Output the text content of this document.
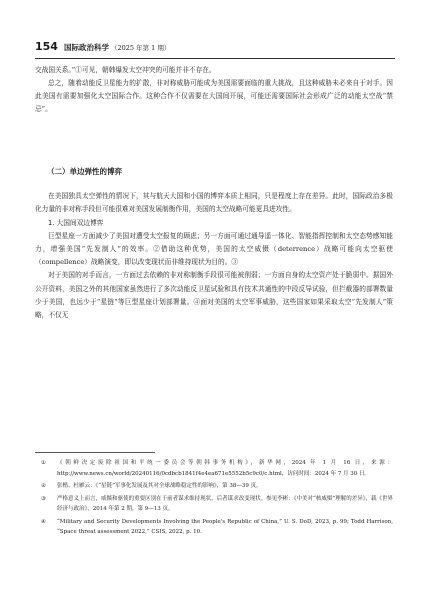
154 国际政治科学 （2025 年第 1 期）

交战国关系。”①可见，朝韩爆发太空冲突的可能并非不存在。

总之，随着动能反卫星能力的扩散，非对称威胁可能成为美国需要面临的重大挑战，且这种威胁未必来自于对手。因此美国有需要加强化太空国际合作。这种合作不仅需要在大国间开展，可能还需要国际社会形成广泛的动能太空战“禁忌”。

（二）单边弹性的博弈

在美国独具太空弹性的情况下，其与航天大国和小国的博弈本质上相同，只是程度上存在差异。此时，国际政治多极化力量的非对称手段但可能很难对美国发展制衡作用，美国的太空战略可能更具进攻性。

1. 大国间双边博弈

巨型星座一方面减少了美国对遭受太空报复的顾虑；另一方面可通过通导遥一体化、智能指挥控制和太空态势感知能力，增强美国“先发制人”的效率。②借助这种优势，美国的太空威慑（deterrence）战略可能向太空驱使（compellence）战略演变，即以改变现状而非维持现状为目的。③

对于美国的对手而言，一方面过去依赖的非对称制衡手段很可能被削弱；一方面自身的太空资产处于脆弱中。据国外公开资料，美国之外的其他国家虽然进行了多次动能反卫星试验和具有技术共通性的中段反导试验，但拦截器的部署数量少于美国，也远少于“星链”等巨型星座计划部署量。④面对美国的太空军事威胁，这些国家如果采取太空“先发制人”策略，不仅无

①	《朝鲜决定废除祖国和平统一委员会等朝韩事务机构》，新华网，2024 年 1 月 16 日，来源：http://www.news.cn/world/20240116/0cdbcb1841f4e4ea671e5552b5c9c0/c.html，访问时间：2024 年 7 月 30 日。
②	张楷、杜雁云：《“星链”军事化发展及其对全球战略稳定性的影响》，第 38—39 页。
③	严格意义上而言，威慑和驱使的重要区别在于前者谋求维持现状，后者谋求改变现状。参见李彬：《中美对“核威慑”理解的差异》，载《世界经济与政治》，2014 年第 2 期，第 9—13 页。
④	“Military and Security Developments Involving the People's Republic of China,” U. S. DoD, 2023, p. 99; Todd Harrison, “Space threat assessment 2022,” CSIS, 2022, p. 10.
